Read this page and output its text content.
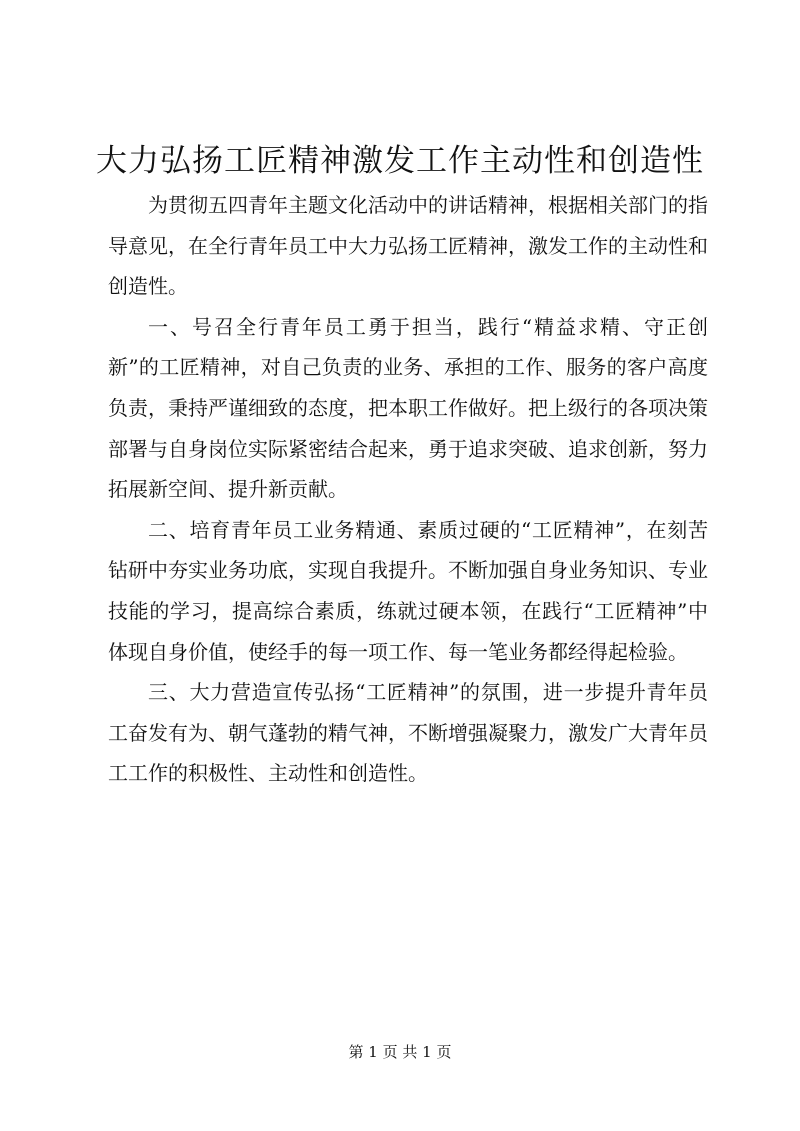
大力弘扬工匠精神激发工作主动性和创造性

为贯彻五四青年主题文化活动中的讲话精神，根据相关部门的指导意见，在全行青年员工中大力弘扬工匠精神，激发工作的主动性和创造性。

一、号召全行青年员工勇于担当，践行“精益求精、守正创新”的工匠精神，对自己负责的业务、承担的工作、服务的客户高度负责，秉持严谨细致的态度，把本职工作做好。把上级行的各项决策部署与自身岗位实际紧密结合起来，勇于追求突破、追求创新，努力拓展新空间、提升新贡献。

二、培育青年员工业务精通、素质过硬的“工匠精神”，在刻苦钻研中夯实业务功底，实现自我提升。不断加强自身业务知识、专业技能的学习，提高综合素质，练就过硬本领，在践行“工匠精神”中体现自身价值，使经手的每一项工作、每一笔业务都经得起检验。

三、大力营造宣传弘扬“工匠精神”的氛围，进一步提升青年员工奋发有为、朝气蓬勃的精气神，不断增强凝聚力，激发广大青年员工工作的积极性、主动性和创造性。

第 1 页 共 1 页
